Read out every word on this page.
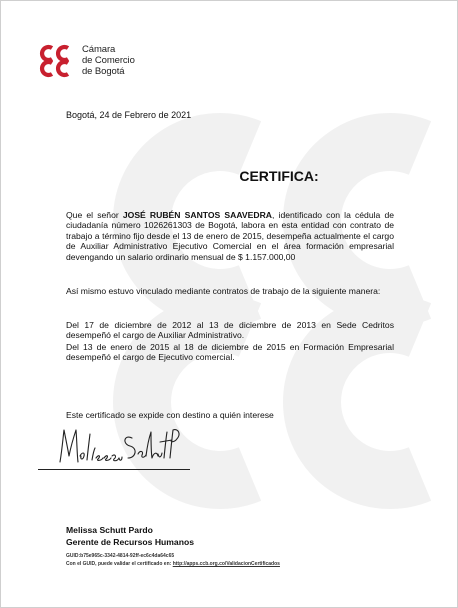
Cámara
de Comercio
de Bogotá
Bogotá, 24 de Febrero de 2021
CERTIFICA:
Que el señor JOSÉ RUBÉN SANTOS SAAVEDRA, identificado con la cédula de ciudadanía número 1026261303 de Bogotá, labora en esta entidad con contrato de trabajo a término fijo desde el 13 de enero de 2015, desempeña actualmente el cargo de Auxiliar Administrativo Ejecutivo Comercial en el área formación empresarial devengando un salario ordinario mensual de $ 1.157.000,00
Así mismo estuvo vinculado mediante contratos de trabajo de la siguiente manera:
Del 17 de diciembre de 2012 al 13 de diciembre de 2013 en Sede Cedritos desempeñó el cargo de Auxiliar Administrativo.
Del 13 de enero de 2015 al 18 de diciembre de 2015 en Formación Empresarial desempeñó el cargo de Ejecutivo comercial.
Este certificado se expide con destino a quién interese
Melissa Schutt Pardo
Gerente de Recursos Humanos
GUID:b75e965c-3342-4814-92ff-ec6c4da64c65
Con el GUID, puede validar el certificado en: http://apps.ccb.org.co/ValidacionCertificados
